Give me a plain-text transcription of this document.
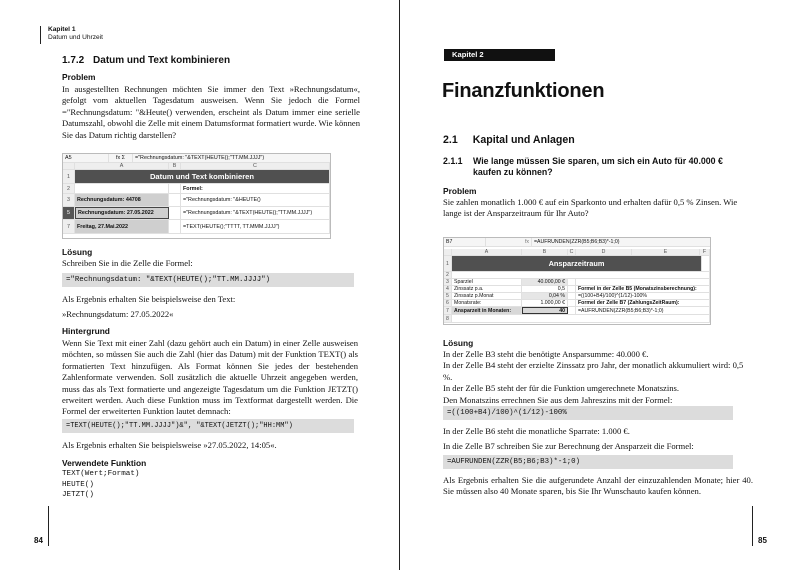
Kapitel 1
Datum und Uhrzeit
1.7.2 Datum und Text kombinieren
Problem

In ausgestellten Rechnungen möchten Sie immer den Text »Rechnungsdatum«, gefolgt vom aktuellen Tagesdatum ausweisen. Wenn Sie jedoch die Formel ="Rechnungsdatum: "&Heute() verwenden, erscheint als Datum immer eine serielle Datumszahl, obwohl die Zelle mit einem Datumsformat formatiert wurde. Wie können Sie das Datum richtig darstellen?

A5	fx Σ	="Rechnungsdatum: "&TEXT(HEUTE();"TT.MM.JJJJ")
A	B	C
1	Datum und Text kombinieren
2	Formel:
3	Rechnungsdatum: 44708	="Rechnungsdatum: "&HEUTE()
5	Rechnungsdatum: 27.05.2022	="Rechnungsdatum: "&TEXT(HEUTE();"TT.MM.JJJJ")
7	Freitag, 27.Mai.2022	=TEXT(HEUTE();"TTTT, TT.MMM.JJJJ")
Lösung

Schreiben Sie in die Zelle die Formel:

="Rechnungsdatum: "&TEXT(HEUTE();"TT.MM.JJJJ")

Als Ergebnis erhalten Sie beispielsweise den Text:

»Rechnungsdatum: 27.05.2022«

Hintergrund

Wenn Sie Text mit einer Zahl (dazu gehört auch ein Datum) in einer Zelle ausweisen möchten, so müssen Sie auch die Zahl (hier das Datum) mit der Funktion TEXT() als formatierten Text hinzufügen. Als Format können Sie jedes der bestehenden Zahlenformate verwenden. Soll zusätzlich die aktuelle Uhrzeit angegeben werden, muss das als Text formatierte und angezeigte Tagesdatum um die Funktion JETZT() erweitert werden. Auch diese Funktion muss im Textformat dargestellt werden. Die Formel der erweiterten Funktion lautet demnach:

=TEXT(HEUTE();"TT.MM.JJJJ")&", "&TEXT(JETZT();"HH:MM")

Als Ergebnis erhalten Sie beispielsweise »27.05.2022, 14:05«.

Verwendete Funktion
TEXT(Wert;Format)
HEUTE()
JETZT()
84
Kapitel 2
Finanzfunktionen
2.1 Kapital und Anlagen
2.1.1 Wie lange müssen Sie sparen, um sich ein Auto für 40.000 €
kaufen zu können?
Problem

Sie zahlen monatlich 1.000 € auf ein Sparkonto und erhalten dafür 0,5 % Zinsen. Wie lange ist der Ansparzeitraum für Ihr Auto?

B7	fx =AUFRUNDEN(ZZR(B5;B6;B3)*-1;0)
A	B	C	D	E	F
1	Ansparzeitraum
2
3 Sparziel	40.000,00 €
4 Zinssatz p.a.	0,5	Formel in der Zelle B5 (Monatszinsberechnung):
5 Zinssatz p.Monat	0,04 %	=((100+B4)/100)^(1/12)-100%
6 Monatsrate:	1.000,00 €	Formel der Zelle B7 (ZahlungsZeitRaum):
7 Ansparzeit in Monaten:	40	=AUFRUNDEN(ZZR(B5;B6;B3)*-1;0)
8
Lösung
In der Zelle B3 steht die benötigte Ansparsumme: 40.000 €.
In der Zelle B4 steht der erzielte Zinssatz pro Jahr, der monatlich akkumuliert wird: 0,5 %.
In der Zelle B5 steht der für die Funktion umgerechnete Monatszins.
Den Monatszins errechnen Sie aus dem Jahreszins mit der Formel:
=((100+B4)/100)^(1/12)-100%

In der Zelle B6 steht die monatliche Sparrate: 1.000 €.

In die Zelle B7 schreiben Sie zur Berechnung der Ansparzeit die Formel:

=AUFRUNDEN(ZZR(B5;B6;B3)*-1;0)

Als Ergebnis erhalten Sie die aufgerundete Anzahl der einzuzahlenden Monate; hier 40. Sie müssen also 40 Monate sparen, bis Sie Ihr Wunschauto kaufen können.

85
